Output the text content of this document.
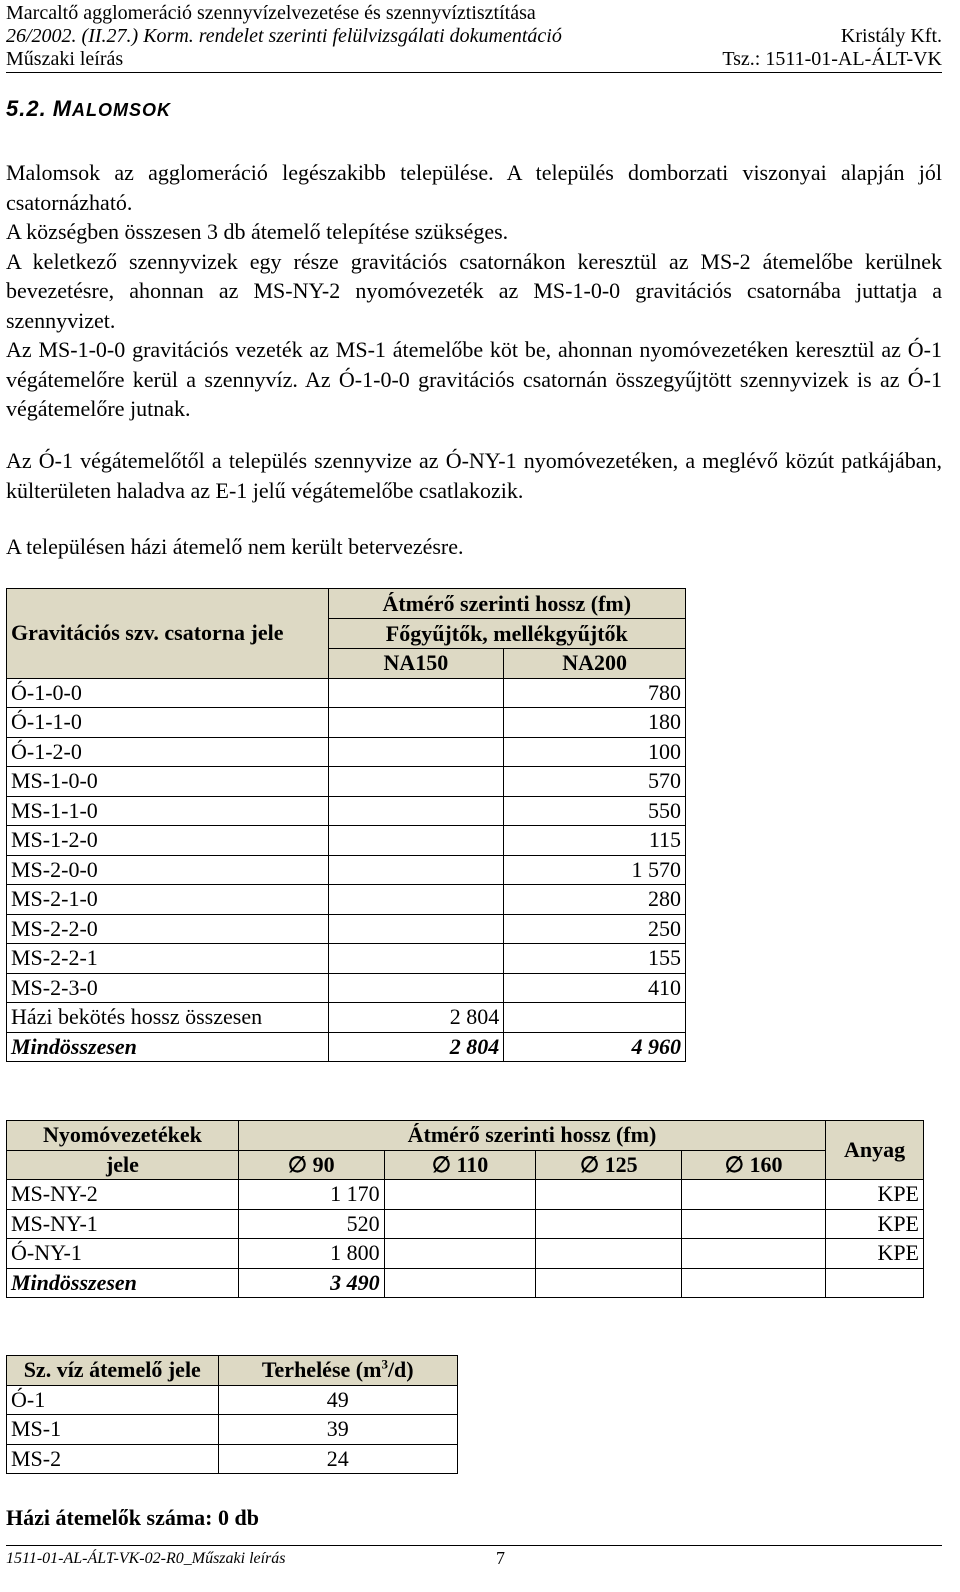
Marcaltő agglomeráció szennyvízelvezetése és szennyvíztisztítása
26/2002. (II.27.) Korm. rendelet szerinti felülvizsgálati dokumentáció	Kristály Kft.
Műszaki leírás	Tsz.: 1511-01-AL-ÁLT-VK
5.2. MALOMSOK

Malomsok az agglomeráció legészakibb települése. A település domborzati viszonyai alapján jól csatornázható.

A községben összesen 3 db átemelő telepítése szükséges.

A keletkező szennyvizek egy része gravitációs csatornákon keresztül az MS-2 átemelőbe kerülnek bevezetésre, ahonnan az MS-NY-2 nyomóvezeték az MS-1-0-0 gravitációs csatornába juttatja a szennyvizet.

Az MS-1-0-0 gravitációs vezeték az MS-1 átemelőbe köt be, ahonnan nyomóvezetéken keresztül az Ó-1 végátemelőre kerül a szennyvíz. Az Ó-1-0-0 gravitációs csatornán összegyűjtött szennyvizek is az Ó-1 végátemelőre jutnak.

Az Ó-1 végátemelőtől a település szennyvize az Ó-NY-1 nyomóvezetéken, a meglévő közút patkájában, külterületen haladva az E-1 jelű végátemelőbe csatlakozik.

A településen házi átemelő nem került betervezésre.

Gravitációs szv. csatorna jele	Átmérő szerinti hossz (fm)	
	Főgyűjtők, mellékgyűjtők	
	NA150	NA200
Ó-1-0-0		780
Ó-1-1-0		180
Ó-1-2-0		100
MS-1-0-0		570
MS-1-1-0		550
MS-1-2-0		115
MS-2-0-0		1 570
MS-2-1-0		280
MS-2-2-0		250
MS-2-2-1		155
MS-2-3-0		410
Házi bekötés hossz összesen	2 804	
Mindösszesen	2 804	4 960
Nyomóvezetékek	Átmérő szerinti hossz (fm)				Anyag
jele	∅ 90	∅ 110	∅ 125	∅ 160	
MS-NY-2	1 170				KPE
MS-NY-1	520				KPE
Ó-NY-1	1 800				KPE
Mindösszesen	3 490				
Sz. víz átemelő jele	Terhelése $(m^3/d)$
Ó-1	49
MS-1	39
MS-2	24
Házi átemelők száma: 0 db
1511-01-AL-ÁLT-VK-02-R0_Műszaki leírás	7
